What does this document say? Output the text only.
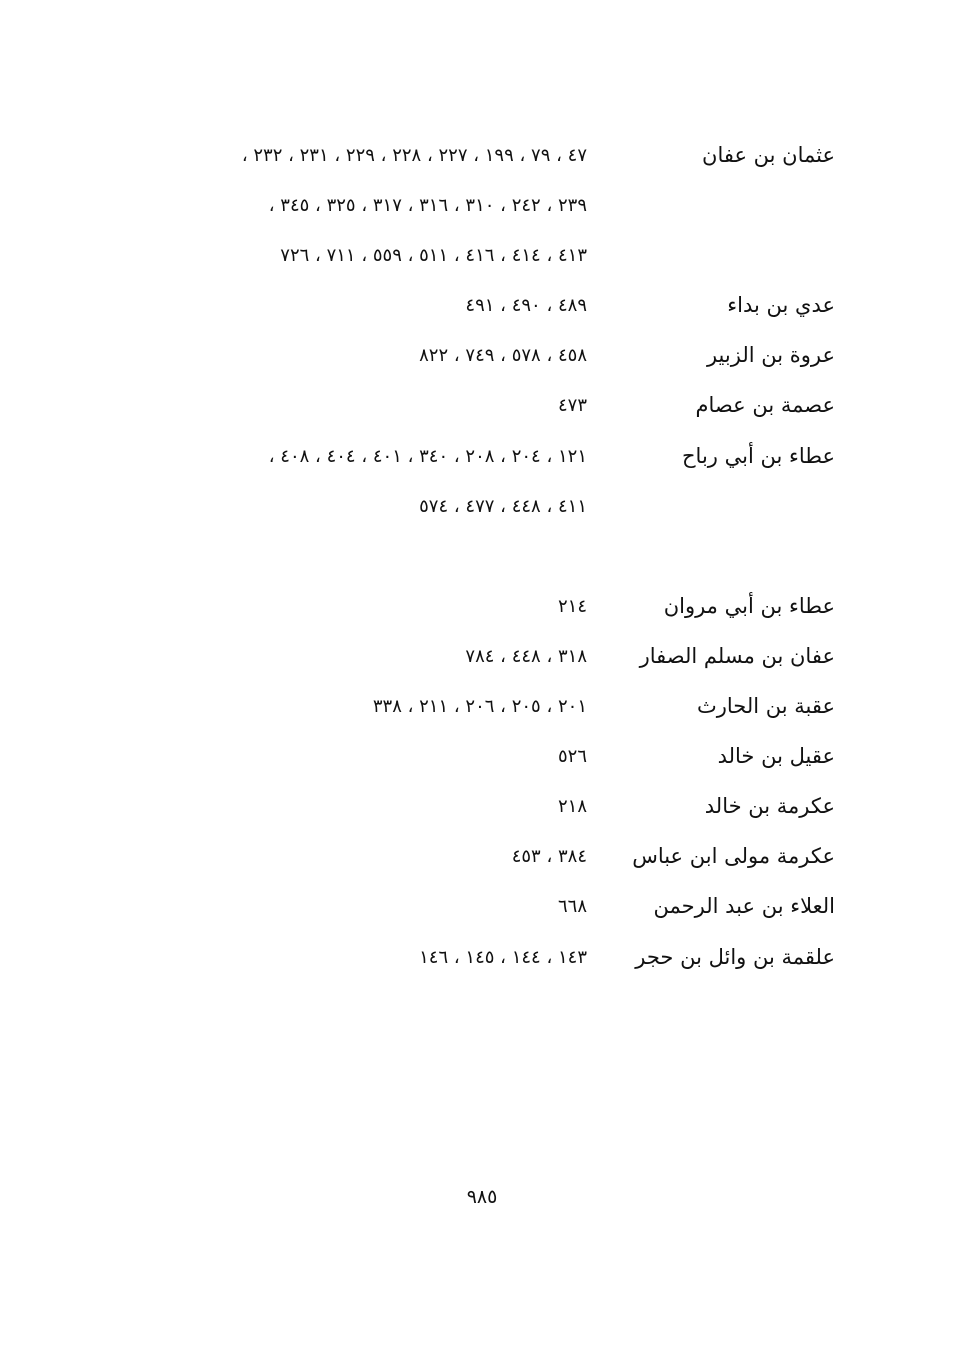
عثمان بن عفان
٤٧ ، ٧٩ ، ١٩٩ ، ٢٢٧ ، ٢٢٨ ، ٢٢٩ ، ٢٣١ ، ٢٣٢ ،
٢٣٩ ، ٢٤٢ ، ٣١٠ ، ٣١٦ ، ٣١٧ ، ٣٢٥ ، ٣٤٥ ،
٤١٣ ، ٤١٤ ، ٤١٦ ، ٥١١ ، ٥٥٩ ، ٧١١ ، ٧٢٦
عدي بن بداء
٤٨٩ ، ٤٩٠ ، ٤٩١
عروة بن الزبير
٤٥٨ ، ٥٧٨ ، ٧٤٩ ، ٨٢٢
عصمة بن عصام
٤٧٣
عطاء بن أبي رباح
١٢١ ، ٢٠٤ ، ٢٠٨ ، ٣٤٠ ، ٤٠١ ، ٤٠٤ ، ٤٠٨ ،
٤١١ ، ٤٤٨ ، ٤٧٧ ، ٥٧٤
عطاء بن أبي مروان
٢١٤
عفان بن مسلم الصفار
٣١٨ ، ٤٤٨ ، ٧٨٤
عقبة بن الحارث
٢٠١ ، ٢٠٥ ، ٢٠٦ ، ٢١١ ، ٣٣٨
عقيل بن خالد
٥٢٦
عكرمة بن خالد
٢١٨
عكرمة مولى ابن عباس
٣٨٤ ، ٤٥٣
العلاء بن عبد الرحمن
٦٦٨
علقمة بن وائل بن حجر
١٤٣ ، ١٤٤ ، ١٤٥ ، ١٤٦
٩٨٥
